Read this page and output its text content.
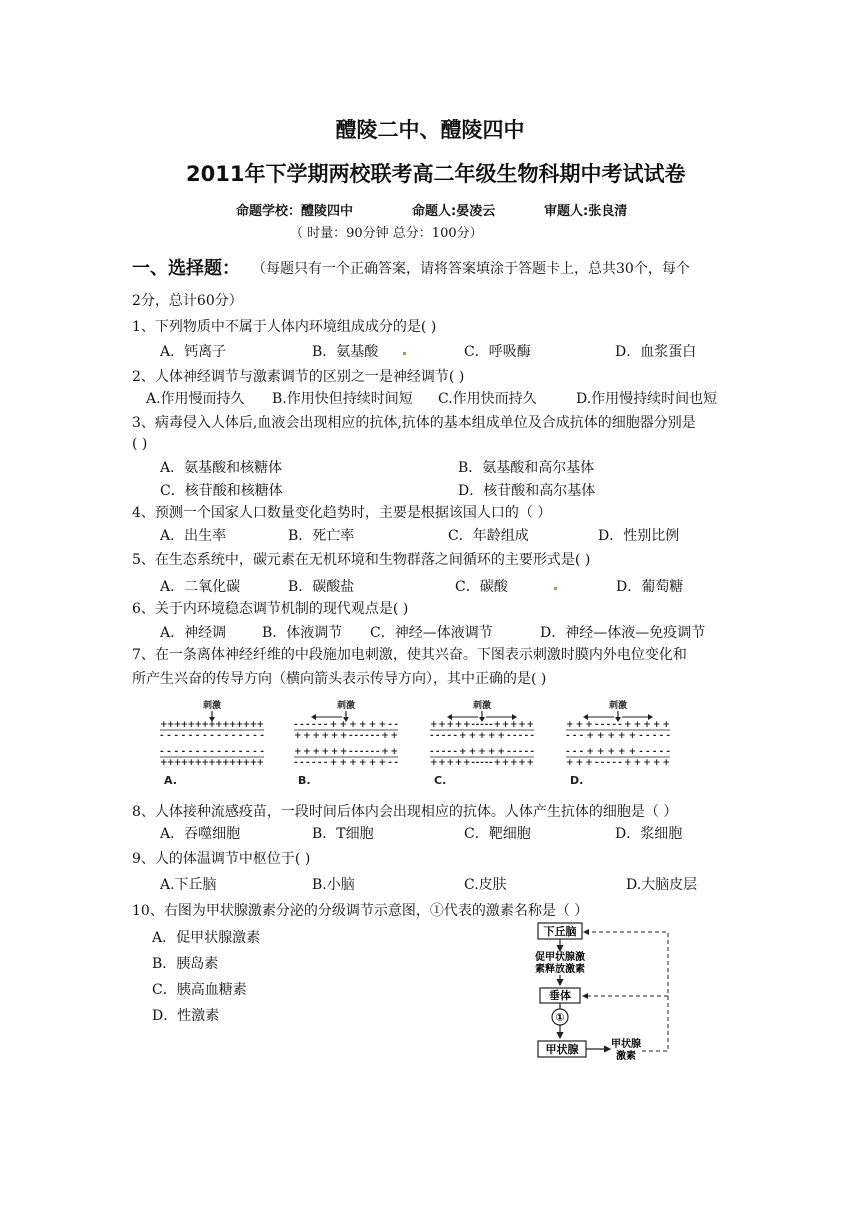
醴陵二中、醴陵四中
2011年下学期两校联考高二年级生物科期中考试试卷
命题学校：醴陵四中	命题人:晏凌云	审题人:张良清
（ 时量：90分钟 总分：100分）
一、选择题： （每题只有一个正确答案，请将答案填涂于答题卡上，总共30个，每个
2分，总计60分）
1、下列物质中不属于人体内环境组成成分的是( )
A．钙离子	B．氨基酸	C．呼吸酶	D．血浆蛋白
2、人体神经调节与激素调节的区别之一是神经调节( )
A.作用慢而持久 B.作用快但持续时间短 C.作用快而持久	D.作用慢持续时间也短
3、病毒侵入人体后,血液会出现相应的抗体,抗体的基本组成单位及合成抗体的细胞器分别是
( )
A．氨基酸和核糖体	B．氨基酸和高尔基体
C．核苷酸和核糖体	D．核苷酸和高尔基体
4、预测一个国家人口数量变化趋势时，主要是根据该国人口的（ ）
A．出生率	B．死亡率	C．年龄组成	D．性别比例
5、在生态系统中，碳元素在无机环境和生物群落之间循环的主要形式是( )
A．二氧化碳	B．碳酸盐	C．碳酸	D．葡萄糖
6、关于内环境稳态调节机制的现代观点是( )
A．神经调	B．体液调节 C．神经—体液调节	D．神经—体液—免疫调节
7、在一条离体神经纤维的中段施加电刺激，使其兴奋。下图表示刺激时膜内外电位变化和
所产生兴奋的传导方向（横向箭头表示传导方向），其中正确的是( )
刺激
+++++++++++++++
---------------
---------------
+++++++++++++++
A.
刺激
------++++++--
++++++------++
++++++------++
------++++++--
B.
刺激
+++++-----+++++
-----+++++-----
-----+++++-----
+++++-----+++++
C.
刺激
+++-----+++++
---+++++-----
---+++++-----
+++-----+++++
D.
8、人体接种流感疫苗，一段时间后体内会出现相应的抗体。人体产生抗体的细胞是（ ）
A．吞噬细胞	B．T细胞	C．靶细胞	D．浆细胞
9、人的体温调节中枢位于( )
A.下丘脑	B.小脑	C.皮肤	D.大脑皮层
10、右图为甲状腺激素分泌的分级调节示意图，①代表的激素名称是（ ）
A．促甲状腺激素
B．胰岛素
C．胰高血糖素
D．性激素
下丘脑
促甲状腺激
素释放激素
垂体
①
甲状腺	甲状腺
激素
